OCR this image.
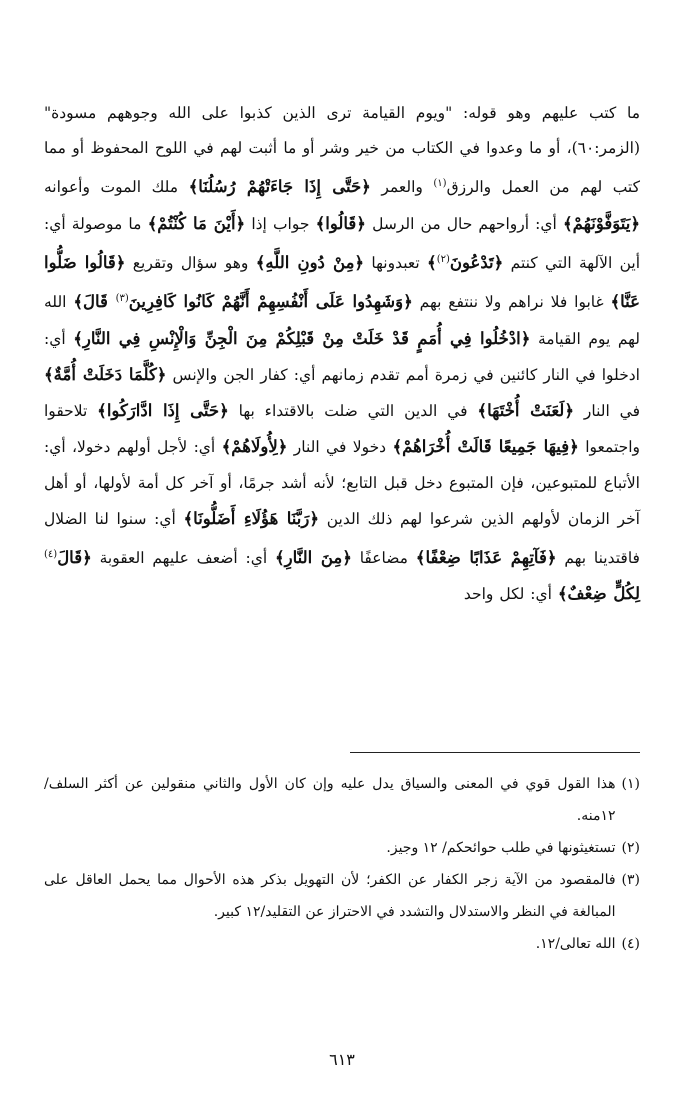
ما كتب عليهم وهو قوله: "ويوم القيامة ترى الذين كذبوا على الله وجوههم مسودة"(الزمر:٦٠)، أو ما وعدوا في الكتاب من خير وشر أو ما أثبت لهم في اللوح المحفوظ أو مما كتب لهم من العمل والرزق$^{(١)}$ والعمر ﴿حَتَّى إِذَا جَاءَتْهُمْ رُسُلُنَا﴾ ملك الموت وأعوانه ﴿يَتَوَفَّوْنَهُمْ﴾ أي: أرواحهم حال من الرسل ﴿قَالُوا﴾ جواب إذا ﴿أَيْنَ مَا كُنْتُمْ﴾ ما موصولة أي: أين الآلهة التي كنتم ﴿تَدْعُونَ$^{(٢)}$﴾ تعبدونها ﴿مِنْ دُونِ اللَّهِ﴾ وهو سؤال وتقريع ﴿قَالُوا ضَلُّوا عَنَّا﴾ غابوا فلا نراهم ولا ننتفع بهم ﴿وَشَهِدُوا عَلَى أَنْفُسِهِمْ أَنَّهُمْ كَانُوا كَافِرِينَ$^{(٣)}$ قَالَ﴾ الله لهم يوم القيامة ﴿ادْخُلُوا فِي أُمَمٍ قَدْ خَلَتْ مِنْ قَبْلِكُمْ مِنَ الْجِنِّ وَالْإِنْسِ فِي النَّارِ﴾ أي: ادخلوا في النار كائنين في زمرة أمم تقدم زمانهم أي: كفار الجن والإنس ﴿كُلَّمَا دَخَلَتْ أُمَّةٌ﴾ في النار ﴿لَعَنَتْ أُخْتَهَا﴾ في الدين التي ضلت بالاقتداء بها ﴿حَتَّى إِذَا ادَّارَكُوا﴾ تلاحقوا واجتمعوا ﴿فِيهَا جَمِيعًا قَالَتْ أُخْرَاهُمْ﴾ دخولا في النار ﴿لِأُولَاهُمْ﴾ أي: لأجل أولهم دخولا، أي: الأتباع للمتبوعين، فإن المتبوع دخل قبل التابع؛ لأنه أشد جرمًا، أو آخر كل أمة لأولها، أو أهل آخر الزمان لأولهم الذين شرعوا لهم ذلك الدين ﴿رَبَّنَا هَؤُلَاءِ أَضَلُّونَا﴾ أي: سنوا لنا الضلال فاقتدينا بهم ﴿فَآتِهِمْ عَذَابًا ضِعْفًا﴾ مضاعفًا ﴿مِنَ النَّارِ﴾ أي: أضعف عليهم العقوبة ﴿قَالَ$^{(٤)}$ لِكُلٍّ ضِعْفٌ﴾ أي: لكل واحد
(١)
هذا القول قوي في المعنى والسياق يدل عليه وإن كان الأول والثاني منقولين عن أكثر السلف/١٢منه.
(٢)
تستغيثونها في طلب حوائحكم/ ١٢ وجيز.
(٣)
فالمقصود من الآية زجر الكفار عن الكفر؛ لأن التهويل بذكر هذه الأحوال مما يحمل العاقل على المبالغة في النظر والاستدلال والتشدد في الاحتراز عن التقليد/١٢ كبير.
(٤)
الله تعالى/١٢.
٦١٣
